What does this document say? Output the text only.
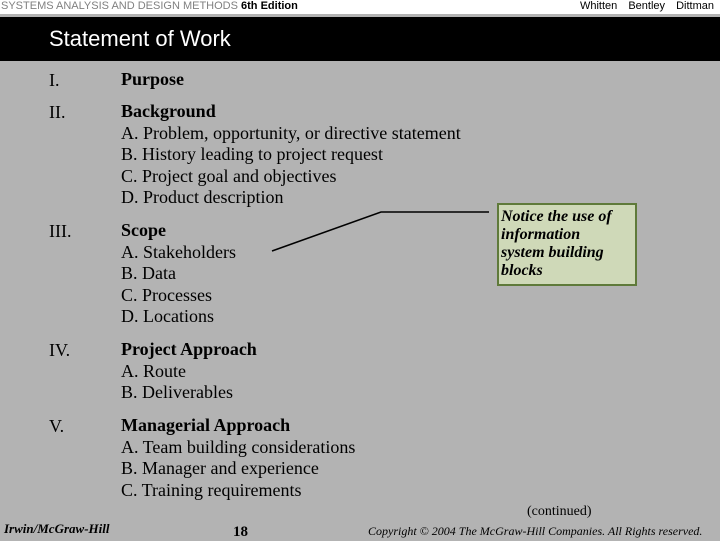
SYSTEMS ANALYSIS AND DESIGN METHODS 6th Edition	Whitten Bentley Dittman
Statement of Work
I.	Purpose
II.	Background
A. Problem, opportunity, or directive statement
B. History leading to project request
C. Project goal and objectives
D. Product description
III.	Scope
A. Stakeholders
B. Data
C. Processes
D. Locations
IV.	Project Approach
A. Route
B. Deliverables
V.	Managerial Approach
A. Team building considerations
B. Manager and experience
C. Training requirements
Notice the use of
information
system building
blocks
(continued)
Irwin/McGraw-Hill	18	Copyright © 2004 The McGraw-Hill Companies. All Rights reserved.
